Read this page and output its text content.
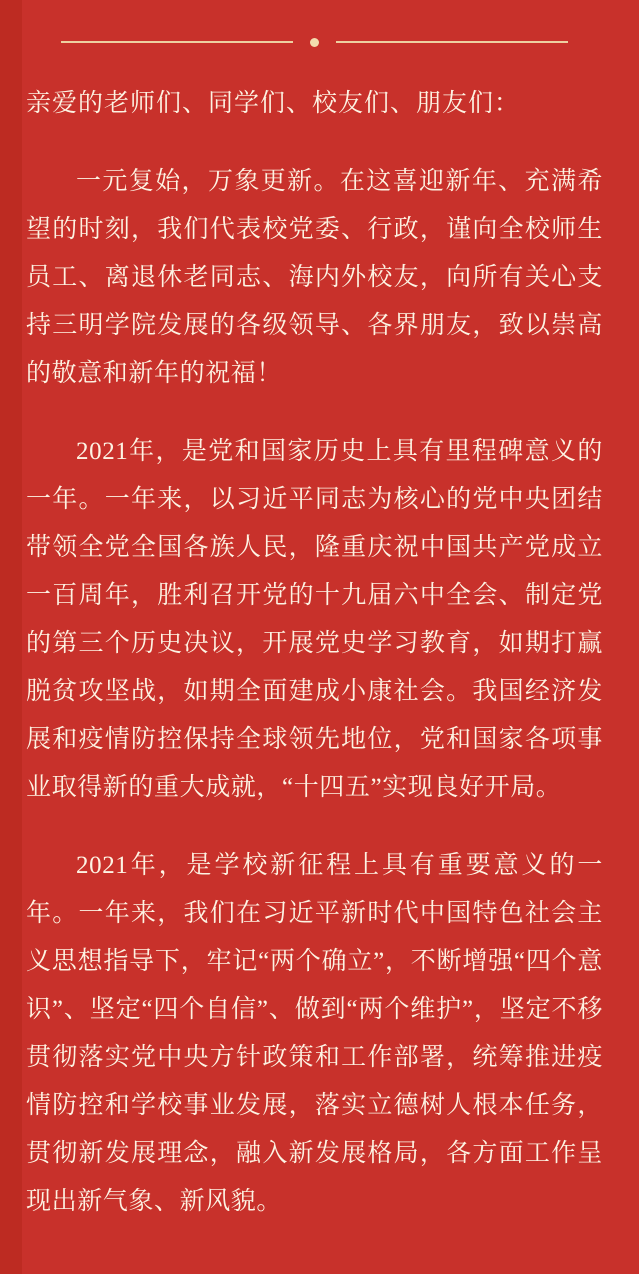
亲爱的老师们、同学们、校友们、朋友们：

一元复始，万象更新。在这喜迎新年、充满希望的时刻，我们代表校党委、行政，谨向全校师生员工、离退休老同志、海内外校友，向所有关心支持三明学院发展的各级领导、各界朋友，致以崇高的敬意和新年的祝福！

2021年，是党和国家历史上具有里程碑意义的一年。一年来，以习近平同志为核心的党中央团结带领全党全国各族人民，隆重庆祝中国共产党成立一百周年，胜利召开党的十九届六中全会、制定党的第三个历史决议，开展党史学习教育，如期打赢脱贫攻坚战，如期全面建成小康社会。我国经济发展和疫情防控保持全球领先地位，党和国家各项事业取得新的重大成就，“十四五”实现良好开局。

2021年，是学校新征程上具有重要意义的一年。一年来，我们在习近平新时代中国特色社会主义思想指导下，牢记“两个确立”，不断增强“四个意识”、坚定“四个自信”、做到“两个维护”，坚定不移贯彻落实党中央方针政策和工作部署，统筹推进疫情防控和学校事业发展，落实立德树人根本任务，贯彻新发展理念，融入新发展格局，各方面工作呈现出新气象、新风貌。
